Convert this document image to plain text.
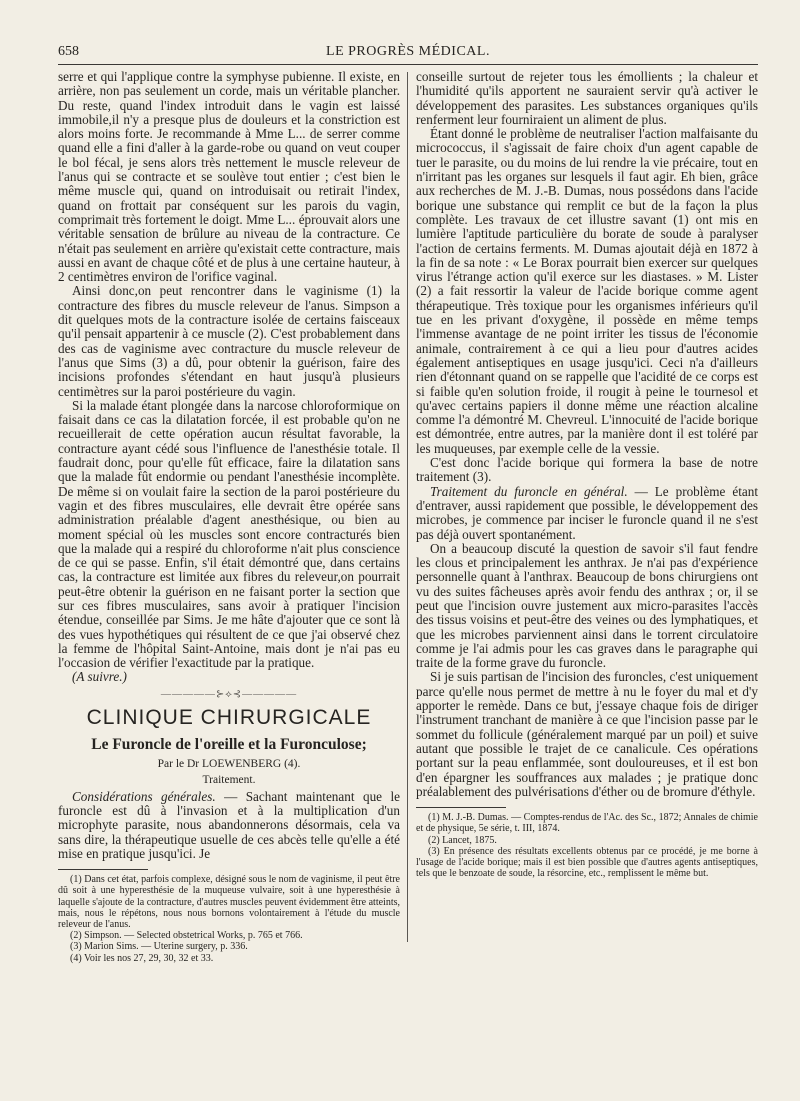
658	LE PROGRÈS MÉDICAL.

serre et qui l'applique contre la symphyse pubienne. Il existe, en arrière, non pas seulement un corde, mais un véritable plancher. Du reste, quand l'index introduit dans le vagin est laissé immobile,il n'y a presque plus de douleurs et la constriction est alors moins forte. Je recommande à Mme L... de serrer comme quand elle a fini d'aller à la garde-robe ou quand on veut couper le bol fécal, je sens alors très nettement le muscle releveur de l'anus qui se contracte et se soulève tout entier ; c'est bien le même muscle qui, quand on introduisait ou retirait l'index, quand on frottait par conséquent sur les parois du vagin, comprimait très fortement le doigt. Mme L... éprouvait alors une véritable sensation de brûlure au niveau de la contracture. Ce n'était pas seulement en arrière qu'existait cette contracture, mais aussi en avant de chaque côté et de plus à une certaine hauteur, à 2 centimètres environ de l'orifice vaginal.

Ainsi donc,on peut rencontrer dans le vaginisme (1) la contracture des fibres du muscle releveur de l'anus. Simpson a dit quelques mots de la contracture isolée de certains faisceaux qu'il pensait appartenir à ce muscle (2). C'est probablement dans des cas de vaginisme avec contracture du muscle releveur de l'anus que Sims (3) a dû, pour obtenir la guérison, faire des incisions profondes s'étendant en haut jusqu'à plusieurs centimètres sur la paroi postérieure du vagin.

Si la malade étant plongée dans la narcose chloroformique on faisait dans ce cas la dilatation forcée, il est probable qu'on ne recueillerait de cette opération aucun résultat favorable, la contracture ayant cédé sous l'influence de l'anesthésie totale. Il faudrait donc, pour qu'elle fût efficace, faire la dilatation sans que la malade fût endormie ou pendant l'anesthésie incomplète. De même si on voulait faire la section de la paroi postérieure du vagin et des fibres musculaires, elle devrait être opérée sans administration préalable d'agent anesthésique, ou bien au moment spécial où les muscles sont encore contracturés bien que la malade qui a respiré du chloroforme n'ait plus conscience de ce qui se passe. Enfin, s'il était démontré que, dans certains cas, la contracture est limitée aux fibres du releveur,on pourrait peut-être obtenir la guérison en ne faisant porter la section que sur ces fibres musculaires, sans avoir à pratiquer l'incision étendue, conseillée par Sims. Je me hâte d'ajouter que ce sont là des vues hypothétiques qui résultent de ce que j'ai observé chez la femme de l'hôpital Saint-Antoine, mais dont je n'ai pas eu l'occasion de vérifier l'exactitude par la pratique.

(A suivre.)

—————⊱⟡⊰—————
CLINIQUE CHIRURGICALE
Le Furoncle de l'oreille et la Furonculose;
Par le Dr LOEWENBERG (4).
Traitement.

Considérations générales. — Sachant maintenant que le furoncle est dû à l'invasion et à la multiplication d'un microphyte parasite, nous abandonnerons désormais, cela va sans dire, la thérapeutique usuelle de ces abcès telle qu'elle a été mise en pratique jusqu'ici. Je

(1) Dans cet état, parfois complexe, désigné sous le nom de vaginisme, il peut être dû soit à une hyperesthésie de la muqueuse vulvaire, soit à une hyperesthésie à laquelle s'ajoute de la contracture, d'autres muscles peuvent évidemment être atteints, mais, nous le répétons, nous nous bornons volontairement à l'étude du muscle releveur de l'anus.

(2) Simpson. — Selected obstetrical Works, p. 765 et 766.

(3) Marion Sims. — Uterine surgery, p. 336.

(4) Voir les nos 27, 29, 30, 32 et 33.

conseille surtout de rejeter tous les émollients ; la chaleur et l'humidité qu'ils apportent ne sauraient servir qu'à activer le développement des parasites. Les substances organiques qu'ils renferment leur fourniraient un aliment de plus.

Étant donné le problème de neutraliser l'action malfaisante du micrococcus, il s'agissait de faire choix d'un agent capable de tuer le parasite, ou du moins de lui rendre la vie précaire, tout en n'irritant pas les organes sur lesquels il faut agir. Eh bien, grâce aux recherches de M. J.-B. Dumas, nous possédons dans l'acide borique une substance qui remplit ce but de la façon la plus complète. Les travaux de cet illustre savant (1) ont mis en lumière l'aptitude particulière du borate de soude à paralyser l'action de certains ferments. M. Dumas ajoutait déjà en 1872 à la fin de sa note : « Le Borax pourrait bien exercer sur quelques virus l'étrange action qu'il exerce sur les diastases. » M. Lister (2) a fait ressortir la valeur de l'acide borique comme agent thérapeutique. Très toxique pour les organismes inférieurs qu'il tue en les privant d'oxygène, il possède en même temps l'immense avantage de ne point irriter les tissus de l'économie animale, contrairement à ce qui a lieu pour d'autres acides également antiseptiques en usage jusqu'ici. Ceci n'a d'ailleurs rien d'étonnant quand on se rappelle que l'acidité de ce corps est si faible qu'en solution froide, il rougit à peine le tournesol et qu'avec certains papiers il donne même une réaction alcaline comme l'a démontré M. Chevreul. L'innocuité de l'acide borique est démontrée, entre autres, par la manière dont il est toléré par les muqueuses, par exemple celle de la vessie.

C'est donc l'acide borique qui formera la base de notre traitement (3).

Traitement du furoncle en général. — Le problème étant d'entraver, aussi rapidement que possible, le développement des microbes, je commence par inciser le furoncle quand il ne s'est pas déjà ouvert spontanément.

On a beaucoup discuté la question de savoir s'il faut fendre les clous et principalement les anthrax. Je n'ai pas d'expérience personnelle quant à l'anthrax. Beaucoup de bons chirurgiens ont vu des suites fâcheuses après avoir fendu des anthrax ; or, il se peut que l'incision ouvre justement aux micro-parasites l'accès des tissus voisins et peut-être des veines ou des lymphatiques, et que les microbes parviennent ainsi dans le torrent circulatoire comme je l'ai admis pour les cas graves dans le paragraphe qui traite de la forme grave du furoncle.

Si je suis partisan de l'incision des furoncles, c'est uniquement parce qu'elle nous permet de mettre à nu le foyer du mal et d'y apporter le remède. Dans ce but, j'essaye chaque fois de diriger l'instrument tranchant de manière à ce que l'incision passe par le sommet du follicule (généralement marqué par un poil) et suive autant que possible le trajet de ce canalicule. Ces opérations portant sur la peau enflammée, sont douloureuses, et il est bon d'en épargner les souffrances aux malades ; je pratique donc préalablement des pulvérisations d'éther ou de bromure d'éthyle.

(1) M. J.-B. Dumas. — Comptes-rendus de l'Ac. des Sc., 1872; Annales de chimie et de physique, 5e série, t. III, 1874.

(2) Lancet, 1875.

(3) En présence des résultats excellents obtenus par ce procédé, je me borne à l'usage de l'acide borique; mais il est bien possible que d'autres agents antiseptiques, tels que le benzoate de soude, la résorcine, etc., remplissent le même but.
